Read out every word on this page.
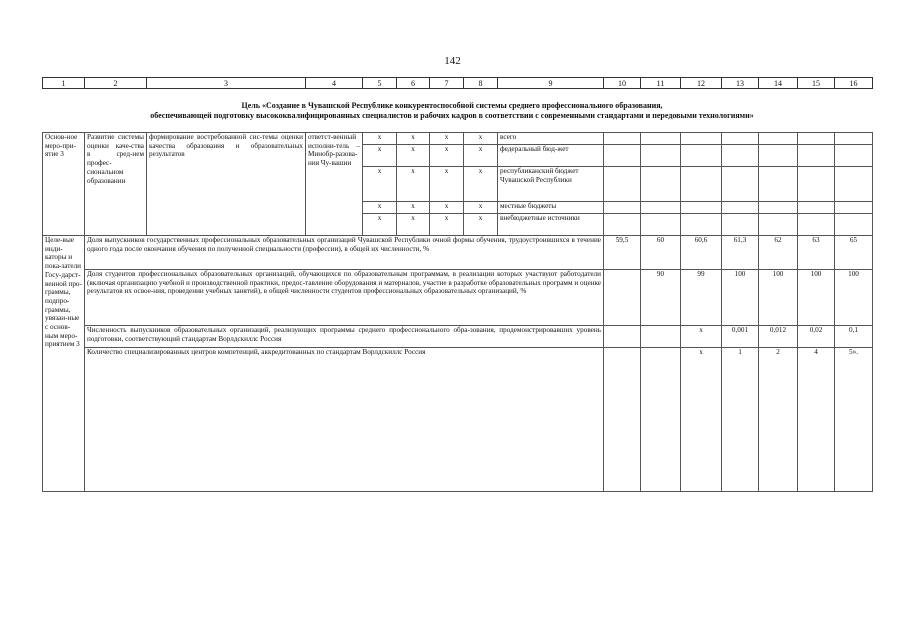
142
1	2	3	4	5	6	7	8	9	10	11	12	13	14	15	16
Цель «Создание в Чувашской Республике конкурентоспособной системы среднего профессионального образования,
обеспечивающей подготовку высококвалифицированных специалистов и рабочих кадров в соответствии с современными стандартами и передовыми технологиями»
Основ-ное меро-при-ятие 3	Развитие системы оценки каче-ства в сред-нем профес-сиональном образовании	формирование востребованной сис-темы оценки качества образования и образовательных результатов	ответст-венный исполни-тель – Минобр-разова-ния Чу-вашии	x	x	x	x	всего							
				x	x	x	x	федеральный бюд-жет							
				x	x	x	x	республиканский бюджет Чувашской Республики							
				x	x	x	x	местные бюджеты							
				x	x	x	x	внебюджетные источники							
Целе-вые инди-каторы и пока-затели Госу-дарст-венной про-граммы, подпро-граммы, увязан-ные с основ-ным меро-приятием 3	Доля выпускников государственных профессиональных образовательных организаций Чувашской Республики очной формы обучения, трудоустроившихся в течение одного года после окончания обучения по полученной специальности (профессии), в общей их численности, %								59,5	60	60,6	61,3	62	63	65
	Доля студентов профессиональных образовательных организаций, обучающихся по образовательным программам, в реализации которых участвуют работодатели (включая организацию учебной и производственной практики, предос-тавление оборудования и материалов, участие в разработке образовательных программ и оценке результатов их освое-ния, проведении учебных занятий), в общей численности студентов профессиональных образовательных организаций, %									90	99	100	100	100	100
	Численность выпускников образовательных организаций, реализующих программы среднего профессионального обра-зования, продемонстрировавших уровень подготовки, соответствующий стандартам Ворлдскиллс Россия										x	0,001	0,012	0,02	0,1
	Количество специализированных центров компетенций, аккредитованных по стандартам Ворлдскиллс Россия										x	1	2	4	5».
